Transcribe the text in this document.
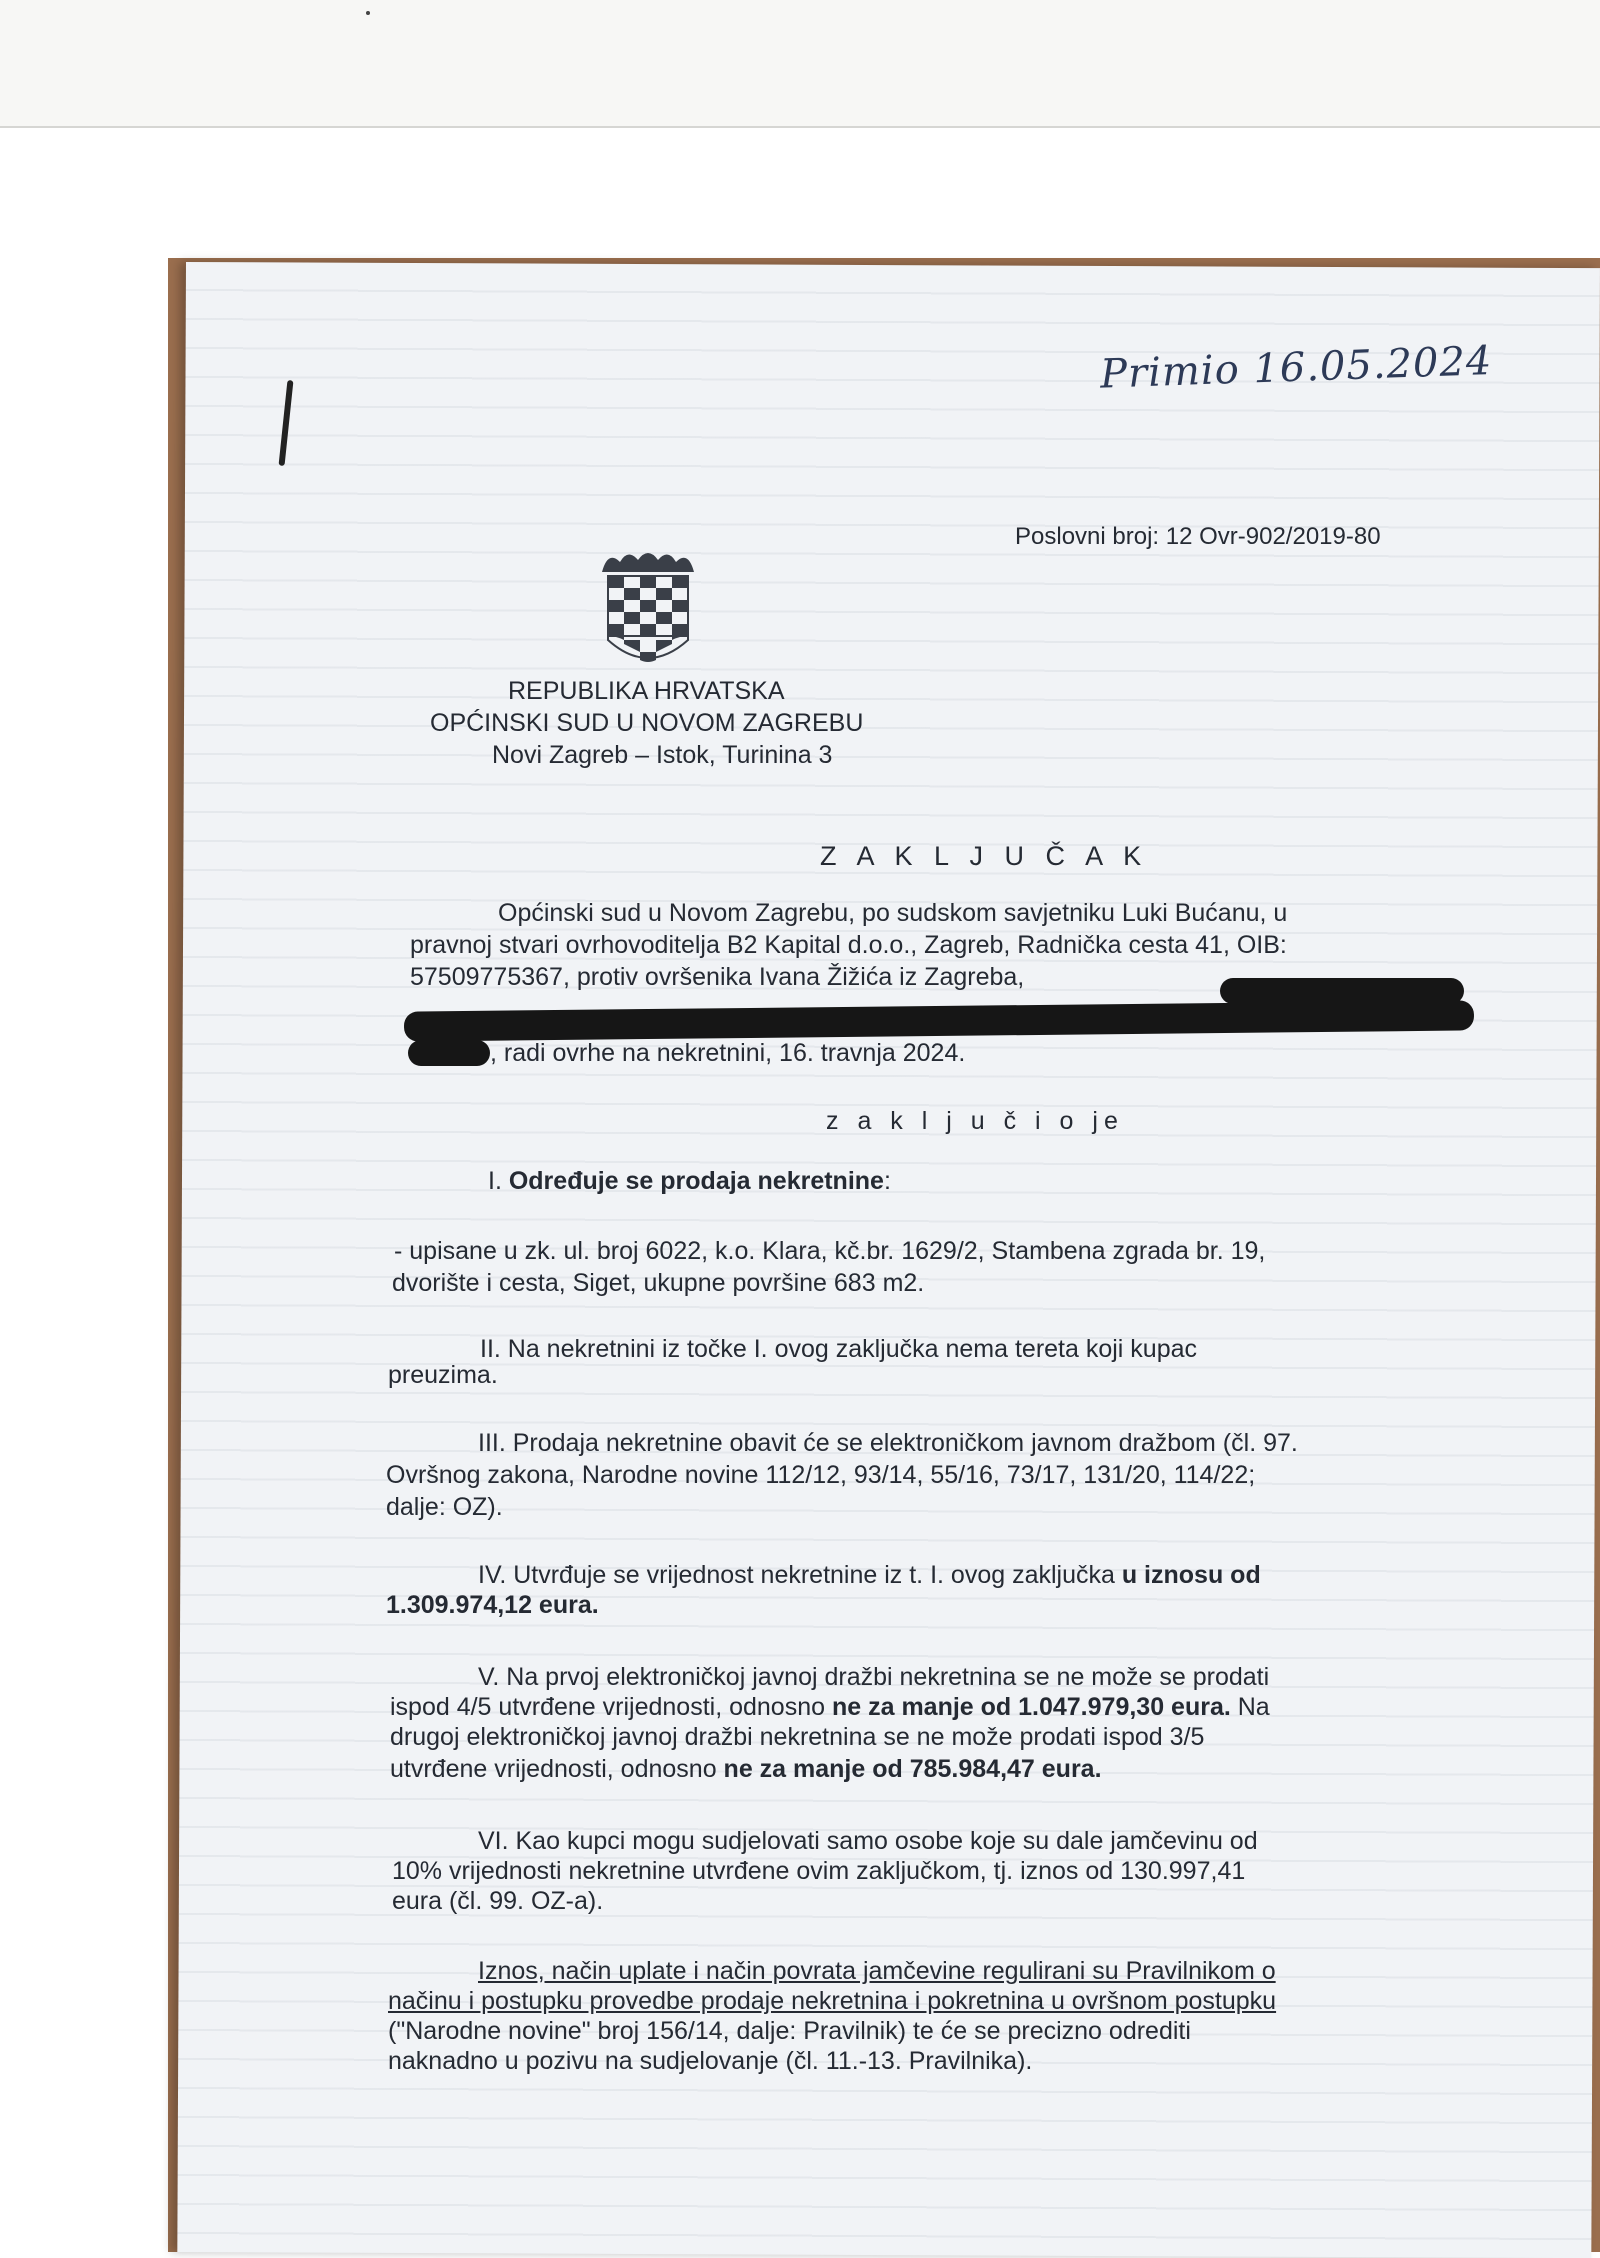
Primio 16.05.2024
Poslovni broj: 12 Ovr-902/2019-80
REPUBLIKA HRVATSKA
OPĆINSKI SUD U NOVOM ZAGREBU
Novi Zagreb – Istok, Turinina 3
Z A K L J U Č A K
Općinski sud u Novom Zagrebu, po sudskom savjetniku Luki Bućanu, u
pravnoj stvari ovrhovoditelja B2 Kapital d.o.o., Zagreb, Radnička cesta 41, OIB:
57509775367, protiv ovršenika Ivana Žižića iz Zagreba,
, radi ovrhe na nekretnini, 16. travnja 2024.
z a k l j u č i o je
I. Određuje se prodaja nekretnine:
- upisane u zk. ul. broj 6022, k.o. Klara, kč.br. 1629/2, Stambena zgrada br. 19,
dvorište i cesta, Siget, ukupne površine 683 m2.
II. Na nekretnini iz točke I. ovog zaključka nema tereta koji kupac
preuzima.
III. Prodaja nekretnine obavit će se elektroničkom javnom dražbom (čl. 97.
Ovršnog zakona, Narodne novine 112/12, 93/14, 55/16, 73/17, 131/20, 114/22;
dalje: OZ).
IV. Utvrđuje se vrijednost nekretnine iz t. I. ovog zaključka u iznosu od
1.309.974,12 eura.
V. Na prvoj elektroničkoj javnoj dražbi nekretnina se ne može se prodati
ispod 4/5 utvrđene vrijednosti, odnosno ne za manje od 1.047.979,30 eura. Na
drugoj elektroničkoj javnoj dražbi nekretnina se ne može prodati ispod 3/5
utvrđene vrijednosti, odnosno ne za manje od 785.984,47 eura.
VI. Kao kupci mogu sudjelovati samo osobe koje su dale jamčevinu od
10% vrijednosti nekretnine utvrđene ovim zaključkom, tj. iznos od 130.997,41
eura (čl. 99. OZ-a).
Iznos, način uplate i način povrata jamčevine regulirani su Pravilnikom o
načinu i postupku provedbe prodaje nekretnina i pokretnina u ovršnom postupku
("Narodne novine" broj 156/14, dalje: Pravilnik) te će se precizno odrediti
naknadno u pozivu na sudjelovanje (čl. 11.-13. Pravilnika).
